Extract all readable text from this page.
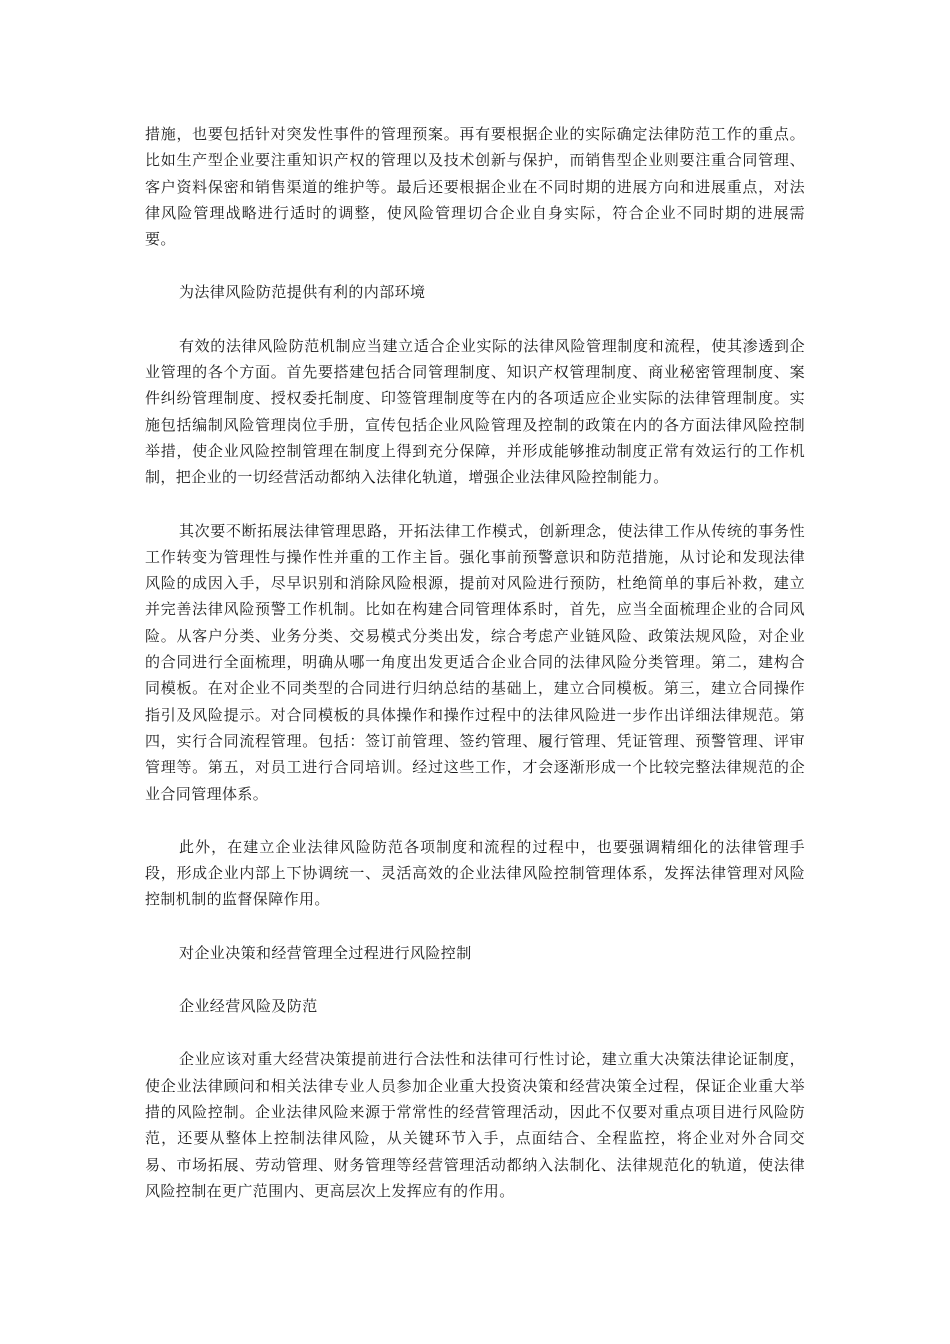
措施，也要包括针对突发性事件的管理预案。再有要根据企业的实际确定法律防范工作的重点。比如生产型企业要注重知识产权的管理以及技术创新与保护，而销售型企业则要注重合同管理、客户资料保密和销售渠道的维护等。最后还要根据企业在不同时期的进展方向和进展重点，对法律风险管理战略进行适时的调整，使风险管理切合企业自身实际，符合企业不同时期的进展需要。

为法律风险防范提供有利的内部环境

有效的法律风险防范机制应当建立适合企业实际的法律风险管理制度和流程，使其渗透到企业管理的各个方面。首先要搭建包括合同管理制度、知识产权管理制度、商业秘密管理制度、案件纠纷管理制度、授权委托制度、印签管理制度等在内的各项适应企业实际的法律管理制度。实施包括编制风险管理岗位手册，宣传包括企业风险管理及控制的政策在内的各方面法律风险控制举措，使企业风险控制管理在制度上得到充分保障，并形成能够推动制度正常有效运行的工作机制，把企业的一切经营活动都纳入法律化轨道，增强企业法律风险控制能力。

其次要不断拓展法律管理思路，开拓法律工作模式，创新理念，使法律工作从传统的事务性工作转变为管理性与操作性并重的工作主旨。强化事前预警意识和防范措施，从讨论和发现法律风险的成因入手，尽早识别和消除风险根源，提前对风险进行预防，杜绝简单的事后补救，建立并完善法律风险预警工作机制。比如在构建合同管理体系时，首先，应当全面梳理企业的合同风险。从客户分类、业务分类、交易模式分类出发，综合考虑产业链风险、政策法规风险，对企业的合同进行全面梳理，明确从哪一角度出发更适合企业合同的法律风险分类管理。第二，建构合同模板。在对企业不同类型的合同进行归纳总结的基础上，建立合同模板。第三，建立合同操作指引及风险提示。对合同模板的具体操作和操作过程中的法律风险进一步作出详细法律规范。第四，实行合同流程管理。包括：签订前管理、签约管理、履行管理、凭证管理、预警管理、评审管理等。第五，对员工进行合同培训。经过这些工作，才会逐渐形成一个比较完整法律规范的企业合同管理体系。

此外，在建立企业法律风险防范各项制度和流程的过程中，也要强调精细化的法律管理手段，形成企业内部上下协调统一、灵活高效的企业法律风险控制管理体系，发挥法律管理对风险控制机制的监督保障作用。

对企业决策和经营管理全过程进行风险控制

企业经营风险及防范

企业应该对重大经营决策提前进行合法性和法律可行性讨论，建立重大决策法律论证制度，使企业法律顾问和相关法律专业人员参加企业重大投资决策和经营决策全过程，保证企业重大举措的风险控制。企业法律风险来源于常常性的经营管理活动，因此不仅要对重点项目进行风险防范，还要从整体上控制法律风险，从关键环节入手，点面结合、全程监控，将企业对外合同交易、市场拓展、劳动管理、财务管理等经营管理活动都纳入法制化、法律规范化的轨道，使法律风险控制在更广范围内、更高层次上发挥应有的作用。
